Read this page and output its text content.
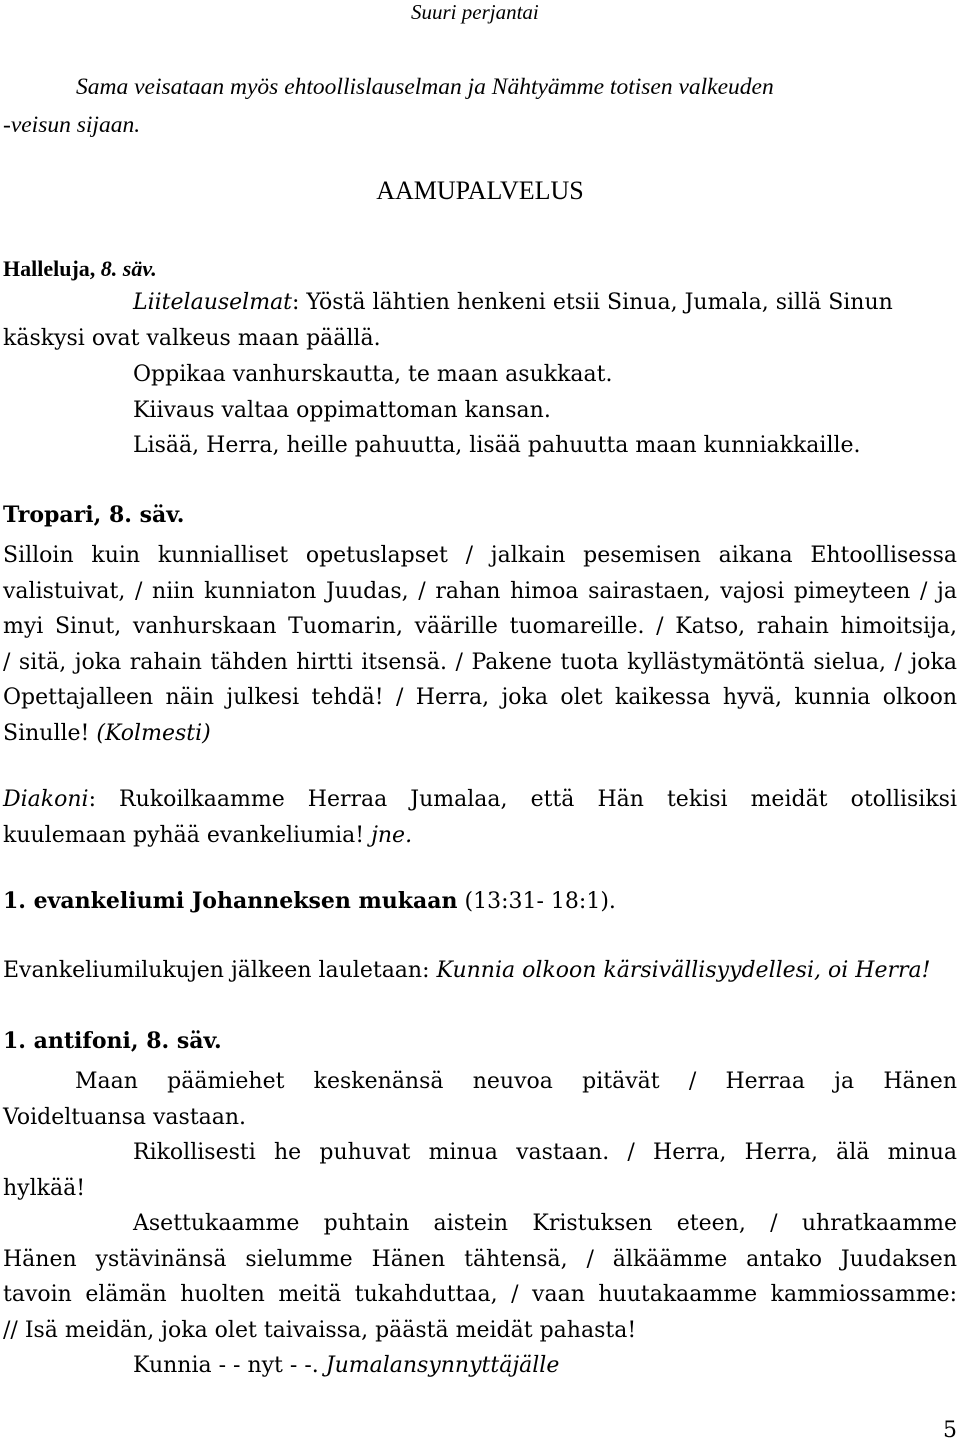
Suuri perjantai
Sama veisataan myös ehtoollislauselman ja Nähtyämme totisen valkeuden
-veisun sijaan.
AAMUPALVELUS
Halleluja, 8. säv.
Liitelauselmat: Yöstä lähtien henkeni etsii Sinua, Jumala, sillä Sinun
käskysi ovat valkeus maan päällä.
Oppikaa vanhurskautta, te maan asukkaat.
Kiivaus valtaa oppimattoman kansan.
Lisää, Herra, heille pahuutta, lisää pahuutta maan kunniakkaille.
Tropari, 8. säv.
Silloin kuin kunnialliset opetuslapset / jalkain pesemisen aikana Ehtoollisessa
valistuivat, / niin kunniaton Juudas, / rahan himoa sairastaen, vajosi pimeyteen / ja
myi Sinut, vanhurskaan Tuomarin, väärille tuomareille. / Katso, rahain himoitsija,
/ sitä, joka rahain tähden hirtti itsensä. / Pakene tuota kyllästymätöntä sielua, / joka
Opettajalleen näin julkesi tehdä! / Herra, joka olet kaikessa hyvä, kunnia olkoon
Sinulle! (Kolmesti)
Diakoni: Rukoilkaamme Herraa Jumalaa, että Hän tekisi meidät otollisiksi
kuulemaan pyhää evankeliumia! jne.
1. evankeliumi Johanneksen mukaan (13:31- 18:1).
Evankeliumilukujen jälkeen lauletaan: Kunnia olkoon kärsivällisyydellesi, oi Herra!
1. antifoni, 8. säv.
Maan päämiehet keskenänsä neuvoa pitävät / Herraa ja Hänen
Voideltuansa vastaan.
Rikollisesti he puhuvat minua vastaan. / Herra, Herra, älä minua
hylkää!
Asettukaamme puhtain aistein Kristuksen eteen, / uhratkaamme
Hänen ystävinänsä sielumme Hänen tähtensä, / älkäämme antako Juudaksen
tavoin elämän huolten meitä tukahduttaa, / vaan huutakaamme kammiossamme:
// Isä meidän, joka olet taivaissa, päästä meidät pahasta!
Kunnia - - nyt - -. Jumalansynnyttäjälle
5
